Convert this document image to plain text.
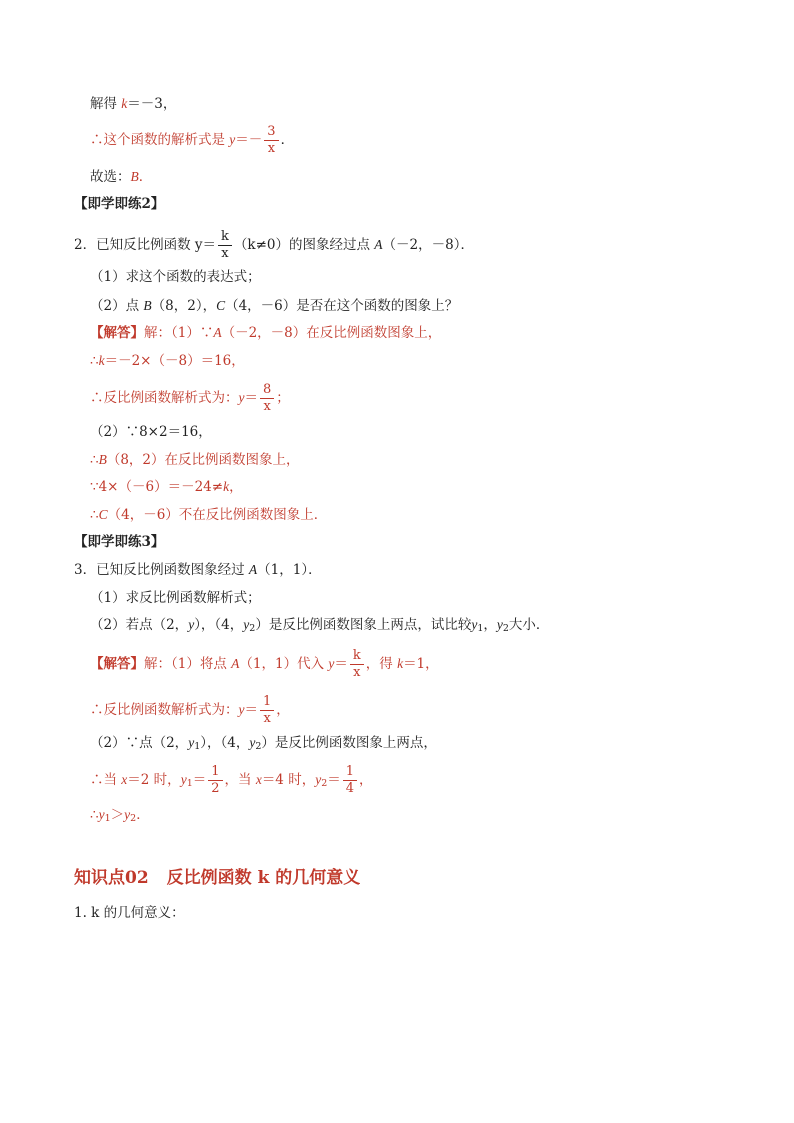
解得 k＝－3，
∴这个函数的解析式是 $y=- \frac{3}{x}$ ．
故选：B．
【即学即练2】
2．已知反比例函数 $y= \frac{k}{x} (k\ne 0)$的图象经过点 A（－2，－8）．
（1）求这个函数的表达式；
（2）点 B（8，2），C（4，－6）是否在这个函数的图象上？
【解答】解：（1）∵A（－2，－8）在反比例函数图象上，
∴k＝－2×（－8）＝16，
∴反比例函数解析式为：$y= \frac{8}{x}$ ；
（2）∵8×2＝16，
∴B（8，2）在反比例函数图象上，
∵4×（－6）＝－24≠k，
∴C（4，－6）不在反比例函数图象上．
【即学即练3】
3．已知反比例函数图象经过 A（1，1）．
（1）求反比例函数解析式；
（2）若点（2，y），（4，$y_2$）是反比例函数图象上两点，试比较$y_1$，$y_2$大小．
【解答】解：（1）将点 A（1，1）代入 $y= \frac{k}{x}$ ，得 k＝1，
∴反比例函数解析式为：$y= \frac{1}{x}$ ，
（2）∵点（2，$y_1$），（4，$y_2$）是反比例函数图象上两点，
∴当 x＝2 时，$y_1= \frac{1}{2}$ ，当 x＝4 时，$y_2= \frac{1}{4}$ ，
$\therefore y_1>y_2$．
知识点02 反比例函数 k 的几何意义
1. k 的几何意义：
